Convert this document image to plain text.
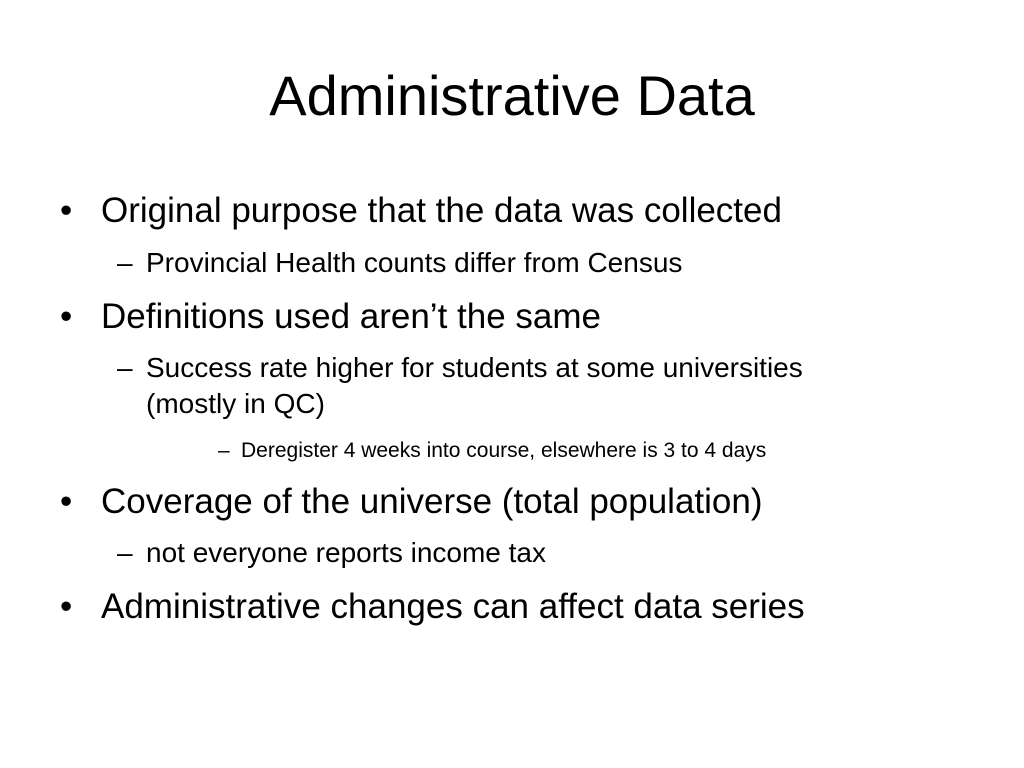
Administrative Data
• Original purpose that the data was collected
– Provincial Health counts differ from Census
• Definitions used aren’t the same
– Success rate higher for students at some universities
(mostly in QC)
– Deregister 4 weeks into course, elsewhere is 3 to 4 days
• Coverage of the universe (total population)
– not everyone reports income tax
• Administrative changes can affect data series
